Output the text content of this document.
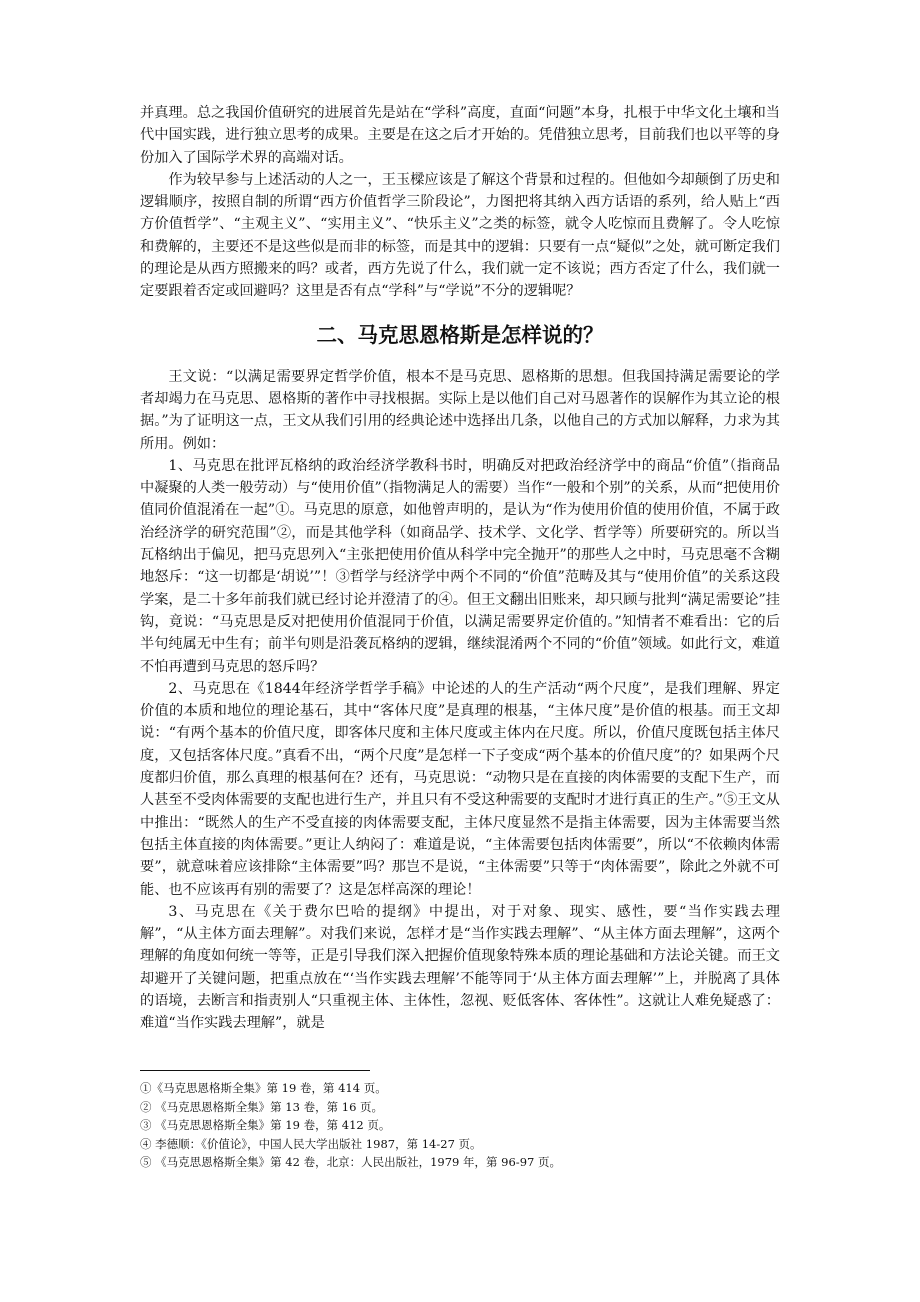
并真理。总之我国价值研究的进展首先是站在“学科”高度，直面“问题”本身，扎根于中华文化土壤和当代中国实践，进行独立思考的成果。主要是在这之后才开始的。凭借独立思考，目前我们也以平等的身份加入了国际学术界的高端对话。

作为较早参与上述活动的人之一，王玉樑应该是了解这个背景和过程的。但他如今却颠倒了历史和逻辑顺序，按照自制的所谓“西方价值哲学三阶段论”，力图把将其纳入西方话语的系列，给人贴上“西方价值哲学”、“主观主义”、“实用主义”、“快乐主义”之类的标签，就令人吃惊而且费解了。令人吃惊和费解的，主要还不是这些似是而非的标签，而是其中的逻辑：只要有一点“疑似”之处，就可断定我们的理论是从西方照搬来的吗？或者，西方先说了什么，我们就一定不该说；西方否定了什么，我们就一定要跟着否定或回避吗？这里是否有点“学科”与“学说”不分的逻辑呢？

二、马克思恩格斯是怎样说的？

王文说：“以满足需要界定哲学价值，根本不是马克思、恩格斯的思想。但我国持满足需要论的学者却竭力在马克思、恩格斯的著作中寻找根据。实际上是以他们自己对马恩著作的误解作为其立论的根据。”为了证明这一点，王文从我们引用的经典论述中选择出几条，以他自己的方式加以解释，力求为其所用。例如：

1、马克思在批评瓦格纳的政治经济学教科书时，明确反对把政治经济学中的商品“价值”（指商品中凝聚的人类一般劳动）与“使用价值”（指物满足人的需要）当作“一般和个别”的关系，从而“把使用价值同价值混淆在一起”①。马克思的原意，如他曾声明的，是认为“作为使用价值的使用价值，不属于政治经济学的研究范围”②，而是其他学科（如商品学、技术学、文化学、哲学等）所要研究的。所以当瓦格纳出于偏见，把马克思列入“主张把使用价值从科学中完全抛开”的那些人之中时，马克思毫不含糊地怒斥：“这一切都是‘胡说’”！③哲学与经济学中两个不同的“价值”范畴及其与“使用价值”的关系这段学案，是二十多年前我们就已经讨论并澄清了的④。但王文翻出旧账来，却只顾与批判“满足需要论”挂钩，竟说：“马克思是反对把使用价值混同于价值，以满足需要界定价值的。”知情者不难看出：它的后半句纯属无中生有；前半句则是沿袭瓦格纳的逻辑，继续混淆两个不同的“价值”领域。如此行文，难道不怕再遭到马克思的怒斥吗？

2、马克思在《1844年经济学哲学手稿》中论述的人的生产活动“两个尺度”，是我们理解、界定价值的本质和地位的理论基石，其中“客体尺度”是真理的根基，“主体尺度”是价值的根基。而王文却说：“有两个基本的价值尺度，即客体尺度和主体尺度或主体内在尺度。所以，价值尺度既包括主体尺度，又包括客体尺度。”真看不出，“两个尺度”是怎样一下子变成“两个基本的价值尺度”的？如果两个尺度都归价值，那么真理的根基何在？还有，马克思说：“动物只是在直接的肉体需要的支配下生产，而人甚至不受肉体需要的支配也进行生产，并且只有不受这种需要的支配时才进行真正的生产。”⑤王文从中推出：“既然人的生产不受直接的肉体需要支配，主体尺度显然不是指主体需要，因为主体需要当然包括主体直接的肉体需要。”更让人纳闷了：难道是说，“主体需要包括肉体需要”，所以“不依赖肉体需要”，就意味着应该排除“主体需要”吗？那岂不是说，“主体需要”只等于“肉体需要”，除此之外就不可能、也不应该再有别的需要了？这是怎样高深的理论！

3、马克思在《关于费尔巴哈的提纲》中提出，对于对象、现实、感性，要“当作实践去理解”，“从主体方面去理解”。对我们来说，怎样才是“当作实践去理解”、“从主体方面去理解”，这两个理解的角度如何统一等等，正是引导我们深入把握价值现象特殊本质的理论基础和方法论关键。而王文却避开了关键问题，把重点放在“‘当作实践去理解’不能等同于‘从主体方面去理解’”上，并脱离了具体的语境，去断言和指责别人“只重视主体、主体性，忽视、贬低客体、客体性”。这就让人难免疑惑了：难道“当作实践去理解”，就是

①《马克思恩格斯全集》第 19 卷，第 414 页。

② 《马克思恩格斯全集》第 13 卷，第 16 页。

③ 《马克思恩格斯全集》第 19 卷，第 412 页。

④ 李德顺：《价值论》，中国人民大学出版社 1987，第 14-27 页。

⑤ 《马克思恩格斯全集》第 42 卷，北京：人民出版社，1979 年，第 96-97 页。
